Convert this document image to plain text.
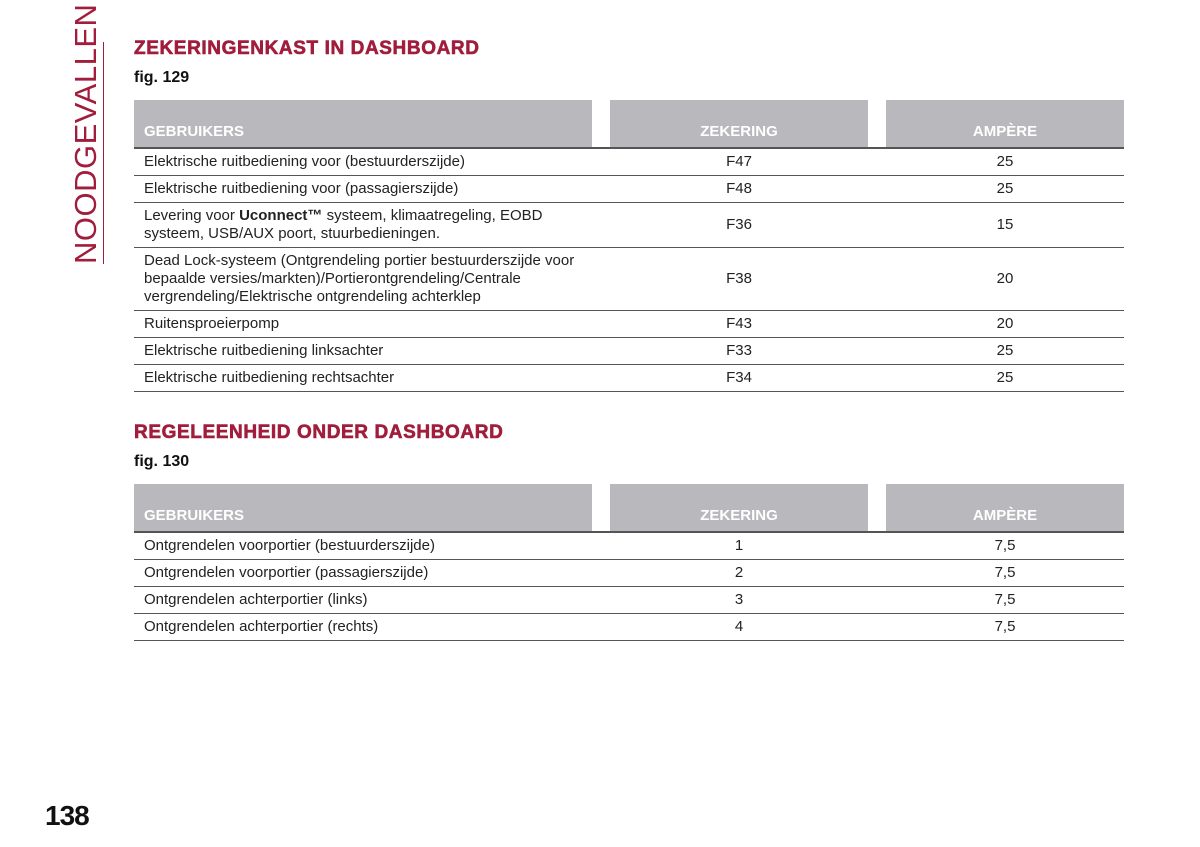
NOODGEVALLEN ZEKERINGENKAST IN DASHBOARD
fig. 129
GEBRUIKERS		ZEKERING		AMPÈRE
Elektrische ruitbediening voor (bestuurderszijde)		F47		25
Elektrische ruitbediening voor (passagierszijde)		F48		25
Levering voor Uconnect™ systeem, klimaatregeling, EOBD systeem, USB/AUX poort, stuurbedieningen.		F36		15
Dead Lock-systeem (Ontgrendeling portier bestuurderszijde voor bepaalde versies/markten)/Portierontgrendeling/Centrale vergrendeling/Elektrische ontgrendeling achterklep		F38		20
Ruitensproeierpomp		F43		20
Elektrische ruitbediening linksachter		F33		25
Elektrische ruitbediening rechtsachter		F34		25
REGELEENHEID ONDER DASHBOARD
fig. 130
GEBRUIKERS		ZEKERING		AMPÈRE
Ontgrendelen voorportier (bestuurderszijde)		1		7,5
Ontgrendelen voorportier (passagierszijde)		2		7,5
Ontgrendelen achterportier (links)		3		7,5
Ontgrendelen achterportier (rechts)		4		7,5
138
